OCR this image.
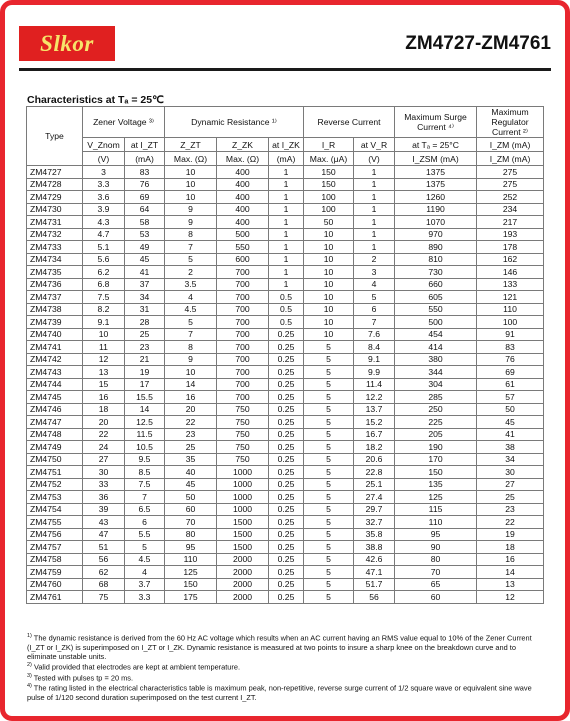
Slkor	ZM4727-ZM4761
Characteristics at Tₐ = 25℃
Type	Zener Voltage ³⁾		Dynamic Resistance ¹⁾			Reverse Current		Maximum Surge Current ⁴⁾	Maximum Regulator Current ²⁾
	V_Znom	at I_ZT	Z_ZT	Z_ZK	at I_ZK	I_R	at V_R	at Tₐ = 25°C	I_ZM (mA)
	(V)	(mA)	Max. (Ω)	Max. (Ω)	(mA)	Max. (μA)	(V)	I_ZSM (mA)	I_ZM (mA)
ZM4727	3	83	10	400	1	150	1	1375	275
ZM4728	3.3	76	10	400	1	150	1	1375	275
ZM4729	3.6	69	10	400	1	100	1	1260	252
ZM4730	3.9	64	9	400	1	100	1	1190	234
ZM4731	4.3	58	9	400	1	50	1	1070	217
ZM4732	4.7	53	8	500	1	10	1	970	193
ZM4733	5.1	49	7	550	1	10	1	890	178
ZM4734	5.6	45	5	600	1	10	2	810	162
ZM4735	6.2	41	2	700	1	10	3	730	146
ZM4736	6.8	37	3.5	700	1	10	4	660	133
ZM4737	7.5	34	4	700	0.5	10	5	605	121
ZM4738	8.2	31	4.5	700	0.5	10	6	550	110
ZM4739	9.1	28	5	700	0.5	10	7	500	100
ZM4740	10	25	7	700	0.25	10	7.6	454	91
ZM4741	11	23	8	700	0.25	5	8.4	414	83
ZM4742	12	21	9	700	0.25	5	9.1	380	76
ZM4743	13	19	10	700	0.25	5	9.9	344	69
ZM4744	15	17	14	700	0.25	5	11.4	304	61
ZM4745	16	15.5	16	700	0.25	5	12.2	285	57
ZM4746	18	14	20	750	0.25	5	13.7	250	50
ZM4747	20	12.5	22	750	0.25	5	15.2	225	45
ZM4748	22	11.5	23	750	0.25	5	16.7	205	41
ZM4749	24	10.5	25	750	0.25	5	18.2	190	38
ZM4750	27	9.5	35	750	0.25	5	20.6	170	34
ZM4751	30	8.5	40	1000	0.25	5	22.8	150	30
ZM4752	33	7.5	45	1000	0.25	5	25.1	135	27
ZM4753	36	7	50	1000	0.25	5	27.4	125	25
ZM4754	39	6.5	60	1000	0.25	5	29.7	115	23
ZM4755	43	6	70	1500	0.25	5	32.7	110	22
ZM4756	47	5.5	80	1500	0.25	5	35.8	95	19
ZM4757	51	5	95	1500	0.25	5	38.8	90	18
ZM4758	56	4.5	110	2000	0.25	5	42.6	80	16
ZM4759	62	4	125	2000	0.25	5	47.1	70	14
ZM4760	68	3.7	150	2000	0.25	5	51.7	65	13
ZM4761	75	3.3	175	2000	0.25	5	56	60	12

$^{1)}$ The dynamic resistance is derived from the 60 Hz AC voltage which results when an AC current having an RMS value equal to 10% of the Zener Current (I_ZT or I_ZK) is superimposed on I_ZT or I_ZK. Dynamic resistance is measured at two points to insure a sharp knee on the breakdown curve and to eliminate unstable units.

$^{2)}$ Valid provided that electrodes are kept at ambient temperature.

$^{3)}$ Tested with pulses tp = 20 ms.

$^{4)}$ The rating listed in the electrical characteristics table is maximum peak, non-repetitive, reverse surge current of 1/2 square wave or equivalent sine wave pulse of 1/120 second duration superimposed on the test current I_ZT.
